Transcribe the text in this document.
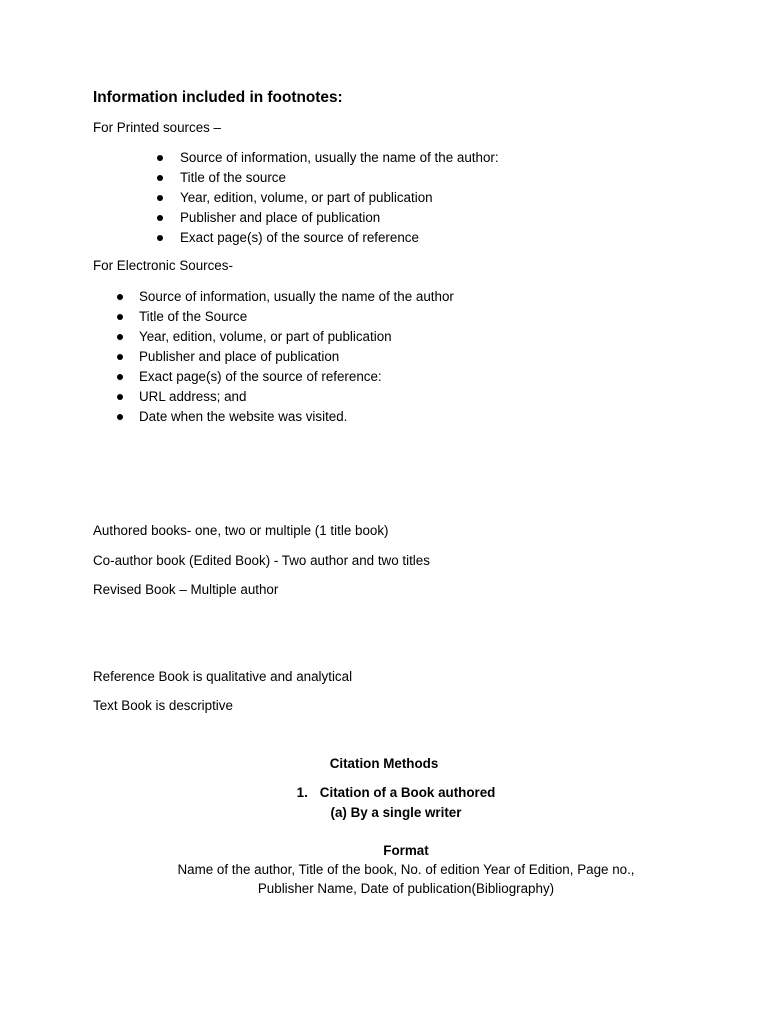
Information included in footnotes:

For Printed sources –

Source of information, usually the name of the author:
Title of the source
Year, edition, volume, or part of publication
Publisher and place of publication
Exact page(s) of the source of reference

For Electronic Sources-

Source of information, usually the name of the author
Title of the Source
Year, edition, volume, or part of publication
Publisher and place of publication
Exact page(s) of the source of reference:
URL address; and
Date when the website was visited.

Authored books- one, two or multiple (1 title book)

Co-author book (Edited Book) - Two author and two titles

Revised Book – Multiple author

Reference Book is qualitative and analytical

Text Book is descriptive

Citation Methods

1. Citation of a Book authored

(a) By a single writer

Format

Name of the author, Title of the book, No. of edition Year of Edition, Page no.,

Publisher Name, Date of publication(Bibliography)
